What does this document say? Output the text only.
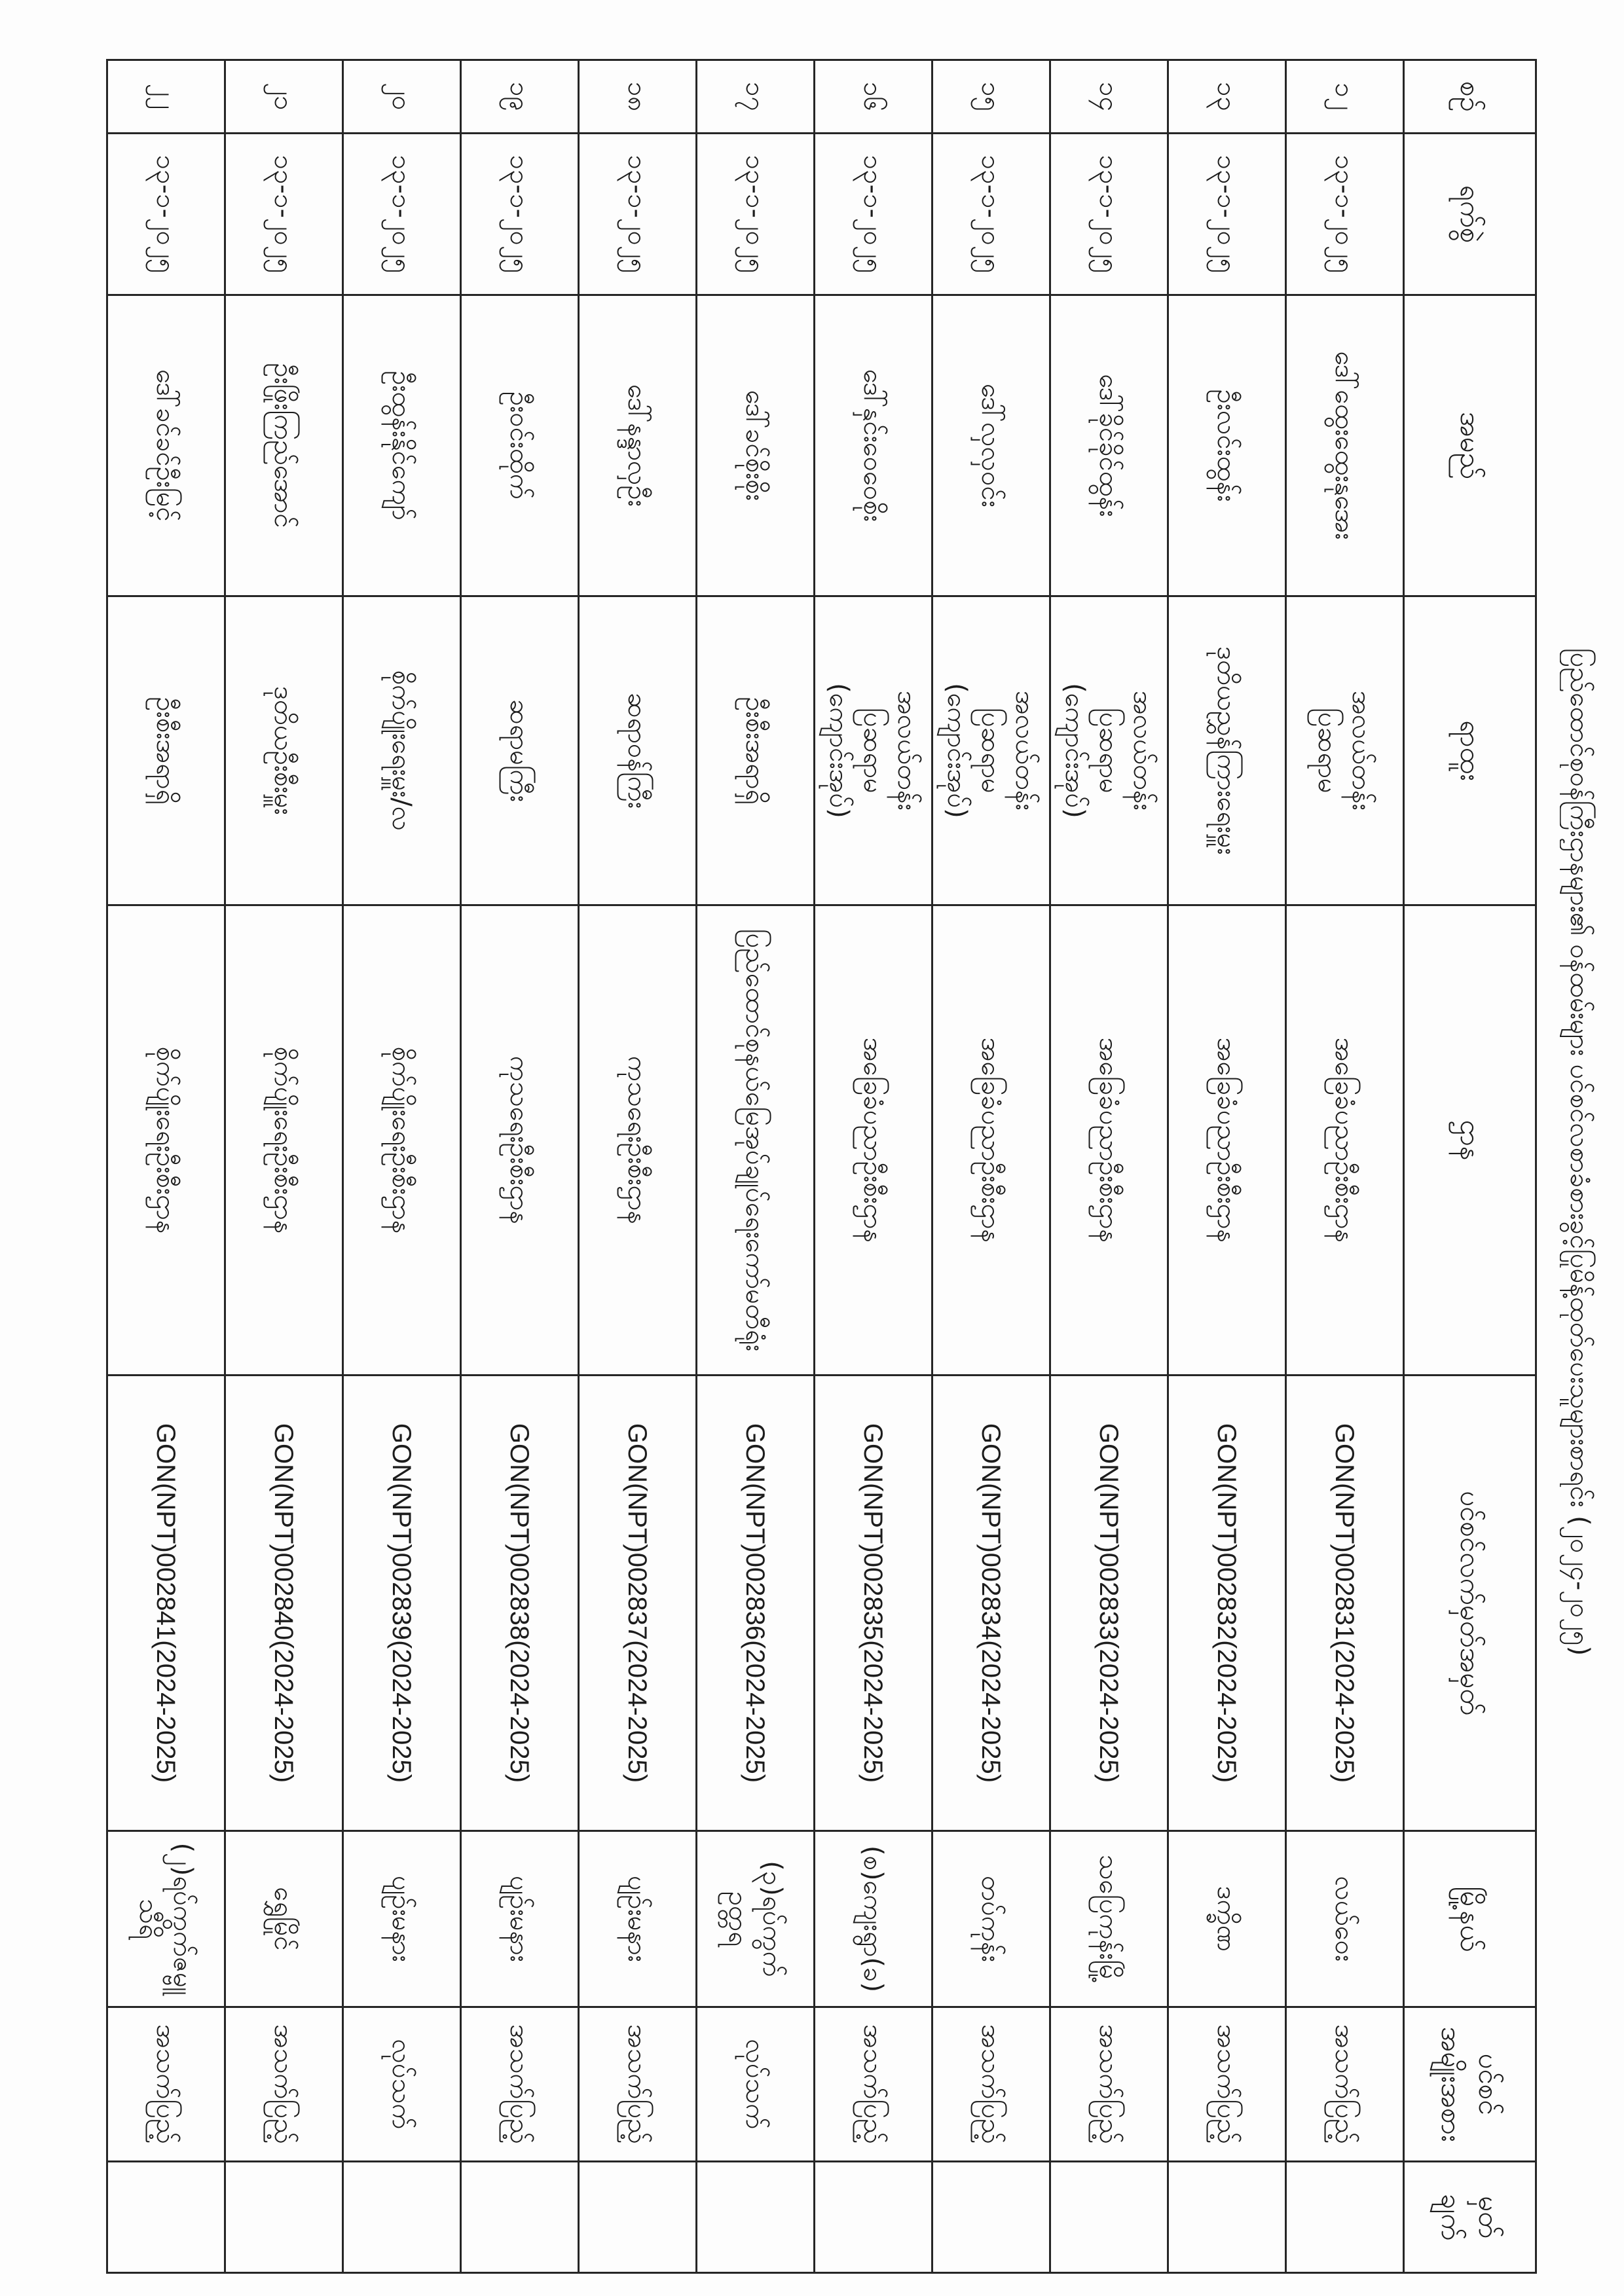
ပြည်ထောင်စုဝန်ကြီးဌာနများ၏ ဝန်ထမ်းများ ပင်စင်လစာခံစားခွင့်ပြုမိန့်ထုတ်ပေးသူများစာရင်း (၂၀၂၄-၂၀၂၅)
စဉ်	ရက်စွဲ	အမည်	ရာထူး	ဌာန	ပင်စင်လက်မှတ်အမှတ်	မြို့နယ်	ပင်စင်
အမျိုးအစား	မှတ်
ချက်
၁၂	၁၃-၁-၂၀၂၅	ဒေါ်ထွေးထွေးနုအေး	အလယ်တန်း
ပြဆရာမ	အခြေခံပညာဦးစီးဌာန	GON(NPT)002831(2024-2025)	လယ်ဝေး	အသက်ပြည့်	
၁၃	၁၃-၁-၂၀၂၅	ဦးလင်းထွန်း	ဒုတိယညွှန်ကြားရေးမှူး	အခြေခံပညာဦးစီးဌာန	GON(NPT)002832(2024-2025)	ဒက္ခိဏ	အသက်ပြည့်	
၁၄	၁၃-၁-၂၀၂၅	ဒေါ်ခိုင်ခိုင်ထွန်း	အလယ်တန်း
ပြဆရာမ
(ကျောင်းအုပ်)	အခြေခံပညာဦးစီးဌာန	GON(NPT)002833(2024-2025)	သပြေကုန်းမြို့	အသက်ပြည့်	
၁၅	၁၃-၁-၂၀၂၅	ဒေါ်လှလှဝင်း	အလယ်တန်း
ပြဆရာမ
(ကျောင်းအုပ်)	အခြေခံပညာဦးစီးဌာန	GON(NPT)002834(2024-2025)	တပ်ကုန်း	အသက်ပြည့်	
၁၆	၁၃-၁-၂၀၂၅	ဒေါ်နှင်းဝေဝေစိုး	အလယ်တန်း
ပြဆရာမ
(ကျောင်းအုပ်)	အခြေခံပညာဦးစီးဌာန	GON(NPT)002835(2024-2025)	(စ)ကျေးရွာ(ခ)	အသက်ပြည့်	
၁၇	၁၃-၁-၂၀၂၅	ဒေါ်ခင်စိုးစိုး	ဦးစီးအရာရှိ	ပြည်ထောင်စုနယ်မြေအုပ်ချုပ်ရေးကော်မတီရုံး	GON(NPT)002836(2024-2025)	(၃)ရပ်ကွက်ဥတ္တရ	လုပ်သက်	
၁၈	၁၃-၁-၂၀၂၅	ဒေါ်နန္ဒာလှဦး	ဆရာဝန်ကြီး	ကုသရေးဦးစီးဌာန	GON(NPT)002837(2024-2025)	ပျဉ်းမနား	အသက်ပြည့်	
၁၉	၁၃-၁-၂၀၂၅	ဦးဝင်းထိုက်	ဆရာမကြီး	ကုသရေးဦးစီးဌာန	GON(NPT)002838(2024-2025)	ပျဉ်းမနား	အသက်ပြည့်	
၂၀	၁၃-၁-၂၀၂၅	ဦးထွန်းနိုင်ကျော်	စိုက်ပျိုးရေးမှူး/လ	စိုက်ပျိုးရေးဦးစီးဌာန	GON(NPT)002839(2024-2025)	ပျဉ်းမနား	လုပ်သက်	
၂၁	၁၃-၁-၂၀၂၅	ဦးဖြိုးကြည်အောင်	ဒုတိယဦးစီးမှူး	စိုက်ပျိုးရေးဦးစီးဌာန	GON(NPT)002840(2024-2025)	ရွှေမြိုင်	အသက်ပြည့်	
၂၂	၁၃-၁-၂၀၂၅	ဒေါ်ခင်ခင်ဦးမြင့်	ဦးစီးအရာရှိ	စိုက်ပျိုးရေးဦးစီးဌာန	GON(NPT)002841(2024-2025)	(၂)ရပ်ကွက်ဇမ္ဗူသီရိ	အသက်ပြည့်	
